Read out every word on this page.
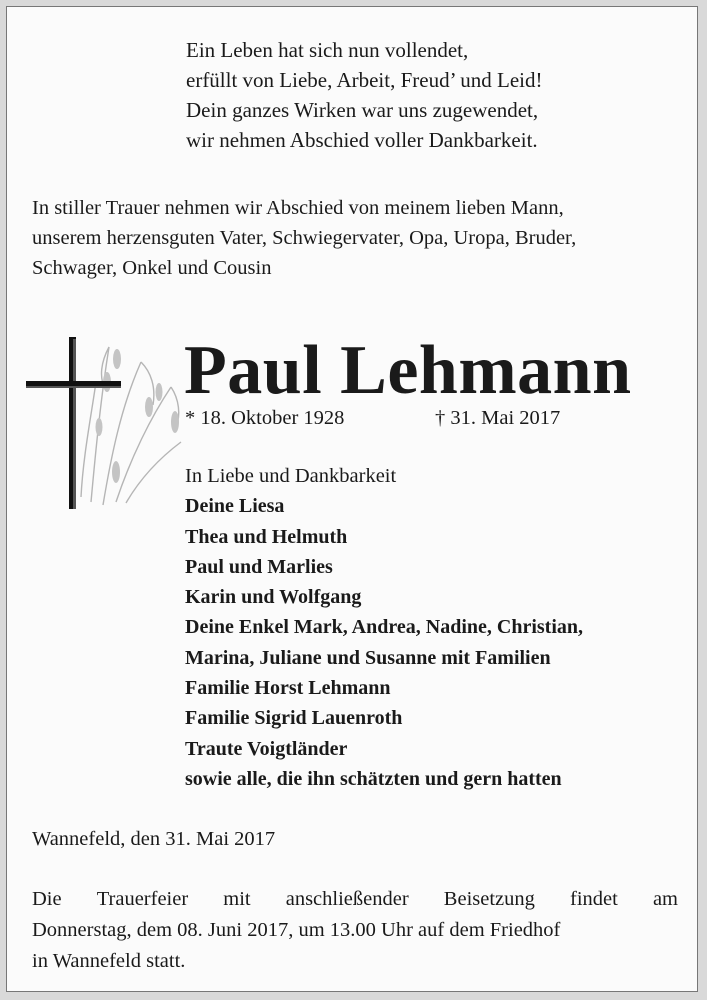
Ein Leben hat sich nun vollendet,
erfüllt von Liebe, Arbeit, Freud’ und Leid!
Dein ganzes Wirken war uns zugewendet,
wir nehmen Abschied voller Dankbarkeit.
In stiller Trauer nehmen wir Abschied von meinem lieben Mann,
unserem herzensguten Vater, Schwiegervater, Opa, Uropa, Bruder,
Schwager, Onkel und Cousin
Paul Lehmann
* 18. Oktober 1928	† 31. Mai 2017
In Liebe und Dankbarkeit
Deine Liesa
Thea und Helmuth
Paul und Marlies
Karin und Wolfgang
Deine Enkel Mark, Andrea, Nadine, Christian,
Marina, Juliane und Susanne mit Familien
Familie Horst Lehmann
Familie Sigrid Lauenroth
Traute Voigtländer
sowie alle, die ihn schätzten und gern hatten
Wannefeld, den 31. Mai 2017
Die Trauerfeier mit anschließender Beisetzung findet am
Donnerstag, dem 08. Juni 2017, um 13.00 Uhr auf dem Friedhof
in Wannefeld statt.
